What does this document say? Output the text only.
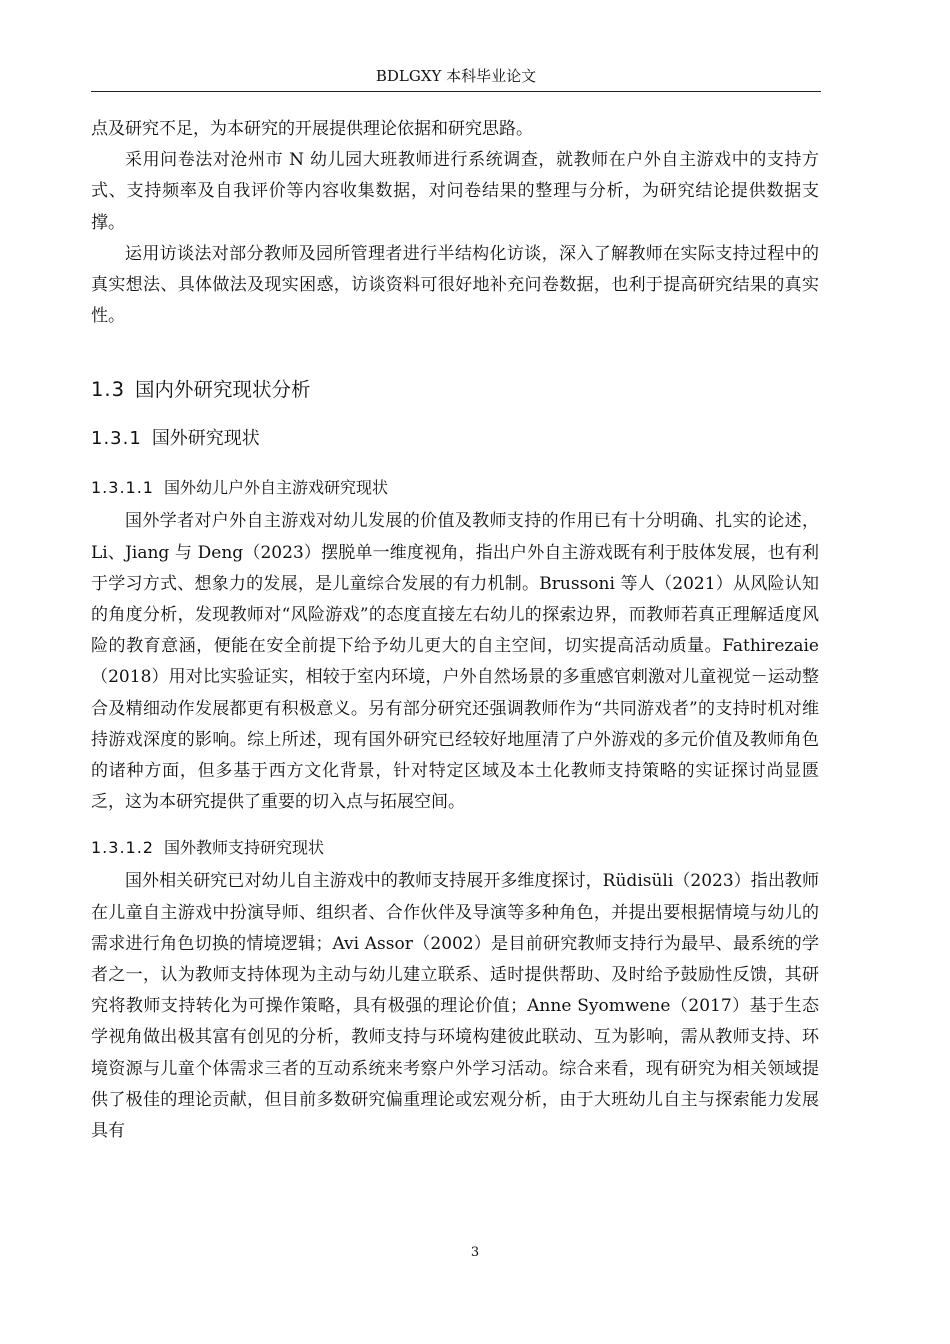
BDLGXY 本科毕业论文

点及研究不足，为本研究的开展提供理论依据和研究思路。

采用问卷法对沧州市 N 幼儿园大班教师进行系统调查，就教师在户外自主游戏中的支持方式、支持频率及自我评价等内容收集数据，对问卷结果的整理与分析，为研究结论提供数据支撑。

运用访谈法对部分教师及园所管理者进行半结构化访谈，深入了解教师在实际支持过程中的真实想法、具体做法及现实困惑，访谈资料可很好地补充问卷数据，也利于提高研究结果的真实性。

1.3 国内外研究现状分析
1.3.1 国外研究现状
1.3.1.1 国外幼儿户外自主游戏研究现状

国外学者对户外自主游戏对幼儿发展的价值及教师支持的作用已有十分明确、扎实的论述，Li、Jiang 与 Deng（2023）摆脱单一维度视角，指出户外自主游戏既有利于肢体发展，也有利于学习方式、想象力的发展，是儿童综合发展的有力机制。Brussoni 等人（2021）从风险认知的角度分析，发现教师对“风险游戏”的态度直接左右幼儿的探索边界，而教师若真正理解适度风险的教育意涵，便能在安全前提下给予幼儿更大的自主空间，切实提高活动质量。Fathirezaie（2018）用对比实验证实，相较于室内环境，户外自然场景的多重感官刺激对儿童视觉－运动整合及精细动作发展都更有积极意义。另有部分研究还强调教师作为“共同游戏者”的支持时机对维持游戏深度的影响。综上所述，现有国外研究已经较好地厘清了户外游戏的多元价值及教师角色的诸种方面，但多基于西方文化背景，针对特定区域及本土化教师支持策略的实证探讨尚显匮乏，这为本研究提供了重要的切入点与拓展空间。

1.3.1.2 国外教师支持研究现状

国外相关研究已对幼儿自主游戏中的教师支持展开多维度探讨，Rüdisüli（2023）指出教师在儿童自主游戏中扮演导师、组织者、合作伙伴及导演等多种角色，并提出要根据情境与幼儿的需求进行角色切换的情境逻辑；Avi Assor（2002）是目前研究教师支持行为最早、最系统的学者之一，认为教师支持体现为主动与幼儿建立联系、适时提供帮助、及时给予鼓励性反馈，其研究将教师支持转化为可操作策略，具有极强的理论价值；Anne Syomwene（2017）基于生态学视角做出极其富有创见的分析，教师支持与环境构建彼此联动、互为影响，需从教师支持、环境资源与儿童个体需求三者的互动系统来考察户外学习活动。综合来看，现有研究为相关领域提供了极佳的理论贡献，但目前多数研究偏重理论或宏观分析，由于大班幼儿自主与探索能力发展具有

3
